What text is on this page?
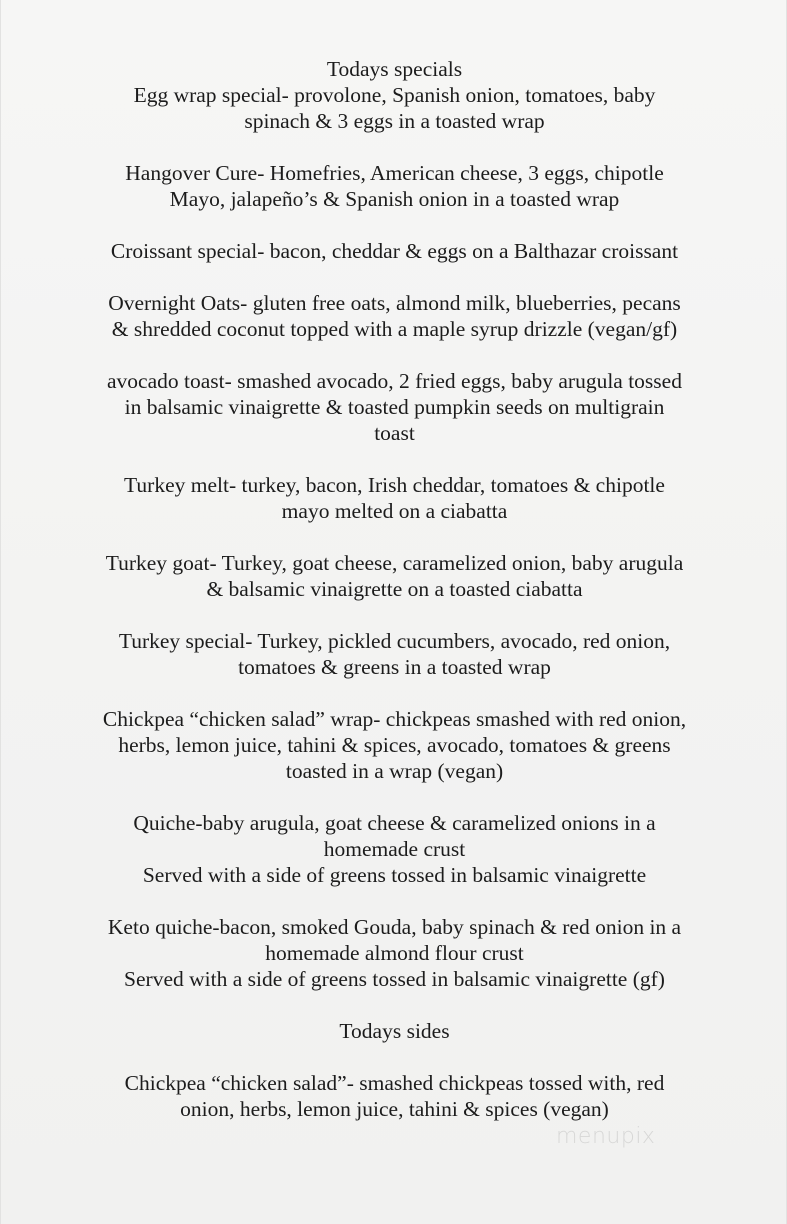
Todays specials
Egg wrap special- provolone, Spanish onion, tomatoes, baby
spinach & 3 eggs in a toasted wrap
Hangover Cure- Homefries, American cheese, 3 eggs, chipotle
Mayo, jalapeño’s & Spanish onion in a toasted wrap
Croissant special- bacon, cheddar & eggs on a Balthazar croissant
Overnight Oats- gluten free oats, almond milk, blueberries, pecans
& shredded coconut topped with a maple syrup drizzle (vegan/gf)
avocado toast- smashed avocado, 2 fried eggs, baby arugula tossed
in balsamic vinaigrette & toasted pumpkin seeds on multigrain
toast
Turkey melt- turkey, bacon, Irish cheddar, tomatoes & chipotle
mayo melted on a ciabatta
Turkey goat- Turkey, goat cheese, caramelized onion, baby arugula
& balsamic vinaigrette on a toasted ciabatta
Turkey special- Turkey, pickled cucumbers, avocado, red onion,
tomatoes & greens in a toasted wrap
Chickpea “chicken salad” wrap- chickpeas smashed with red onion,
herbs, lemon juice, tahini & spices, avocado, tomatoes & greens
toasted in a wrap (vegan)
Quiche-baby arugula, goat cheese & caramelized onions in a
homemade crust
Served with a side of greens tossed in balsamic vinaigrette
Keto quiche-bacon, smoked Gouda, baby spinach & red onion in a
homemade almond flour crust
Served with a side of greens tossed in balsamic vinaigrette (gf)
Todays sides
Chickpea “chicken salad”- smashed chickpeas tossed with, red
onion, herbs, lemon juice, tahini & spices (vegan)
menupix
